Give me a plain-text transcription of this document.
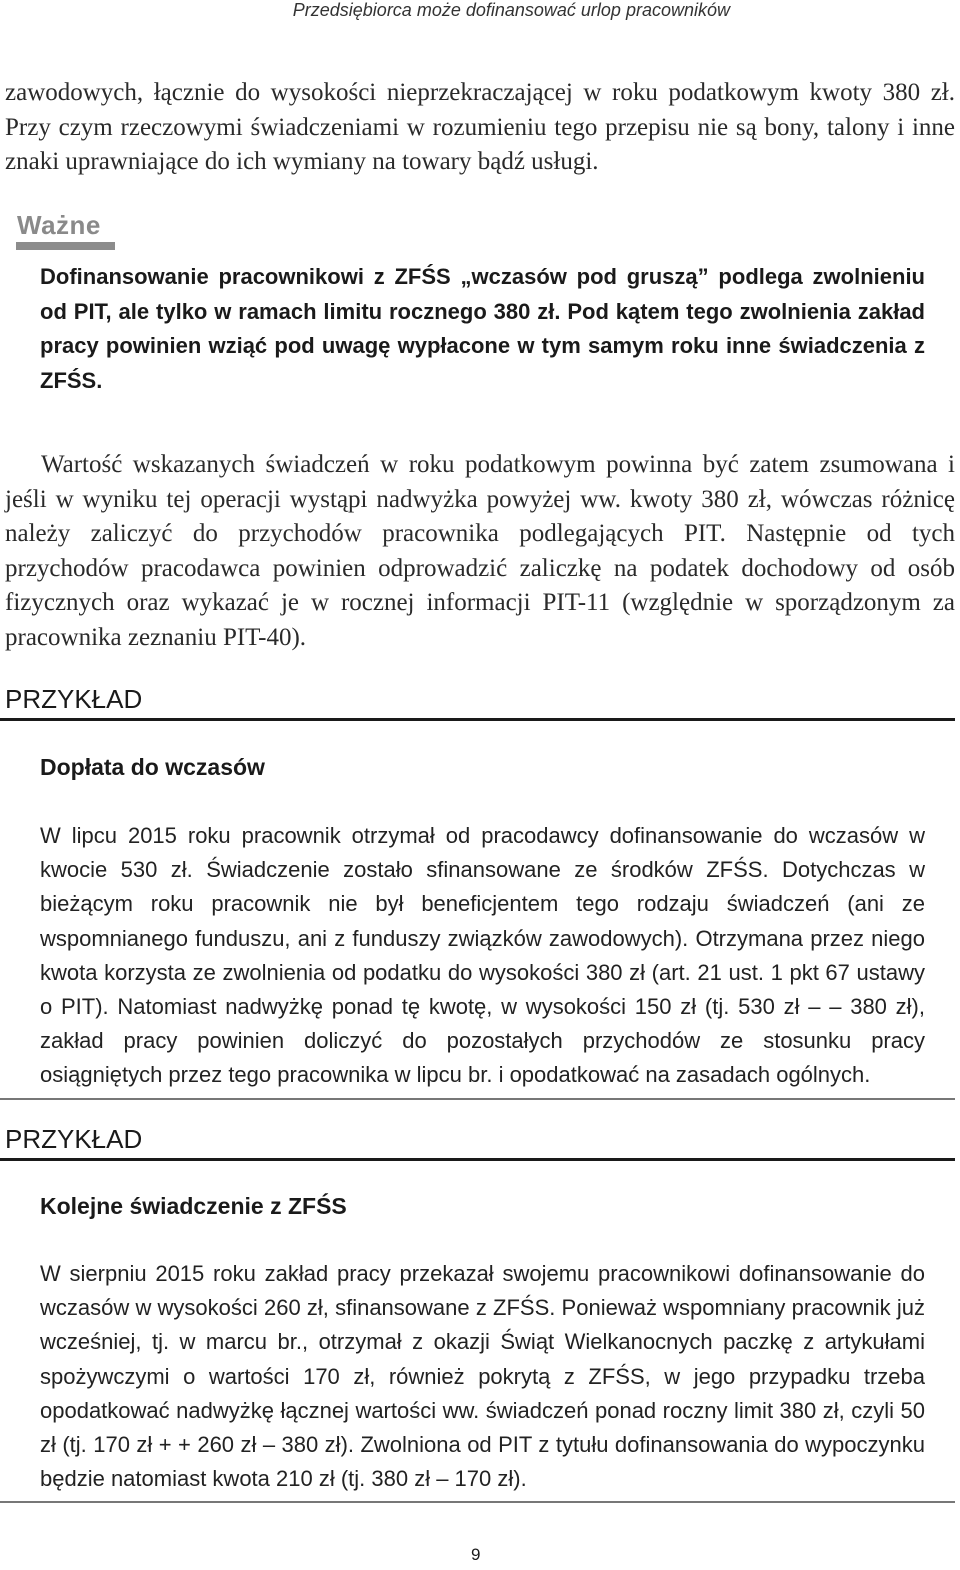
Przedsiębiorca może dofinansować urlop pracowników

zawodowych, łącznie do wysokości nieprzekraczającej w roku podatkowym kwoty 380 zł. Przy czym rzeczowymi świadczeniami w rozumieniu tego przepisu nie są bony, talony i inne znaki uprawniające do ich wymiany na towary bądź usługi.

Ważne

Dofinansowanie pracownikowi z ZFŚS „wczasów pod gruszą” podlega zwolnieniu od PIT, ale tylko w ramach limitu rocznego 380 zł. Pod kątem tego zwolnienia zakład pracy powinien wziąć pod uwagę wypłacone w tym samym roku inne świadczenia z ZFŚS.

Wartość wskazanych świadczeń w roku podatkowym powinna być zatem zsumowana i jeśli w wyniku tej operacji wystąpi nadwyżka powyżej ww. kwoty 380 zł, wówczas różnicę należy zaliczyć do przychodów pracownika podlegających PIT. Następnie od tych przychodów pracodawca powinien odprowadzić zaliczkę na podatek dochodowy od osób fizycznych oraz wykazać je w rocznej informacji PIT-11 (względnie w sporządzonym za pracownika zeznaniu PIT-40).

PRZYKŁAD
Dopłata do wczasów

W lipcu 2015 roku pracownik otrzymał od pracodawcy dofinansowanie do wczasów w kwocie 530 zł. Świadczenie zostało sfinansowane ze środków ZFŚS. Dotychczas w bieżącym roku pracownik nie był beneficjentem tego rodzaju świadczeń (ani ze wspomnianego funduszu, ani z funduszy związków zawodowych). Otrzymana przez niego kwota korzysta ze zwolnienia od podatku do wysokości 380 zł (art. 21 ust. 1 pkt 67 ustawy o PIT). Natomiast nadwyżkę ponad tę kwotę, w wysokości 150 zł (tj. 530 zł – – 380 zł), zakład pracy powinien doliczyć do pozostałych przychodów ze stosunku pracy osiągniętych przez tego pracownika w lipcu br. i opodatkować na zasadach ogólnych.

PRZYKŁAD
Kolejne świadczenie z ZFŚS

W sierpniu 2015 roku zakład pracy przekazał swojemu pracownikowi dofinansowanie do wczasów w wysokości 260 zł, sfinansowane z ZFŚS. Ponieważ wspomniany pracownik już wcześniej, tj. w marcu br., otrzymał z okazji Świąt Wielkanocnych paczkę z artykułami spożywczymi o wartości 170 zł, również pokrytą z ZFŚS, w jego przypadku trzeba opodatkować nadwyżkę łącznej wartości ww. świadczeń ponad roczny limit 380 zł, czyli 50 zł (tj. 170 zł + + 260 zł – 380 zł). Zwolniona od PIT z tytułu dofinansowania do wypoczynku będzie natomiast kwota 210 zł (tj. 380 zł – 170 zł).

9
